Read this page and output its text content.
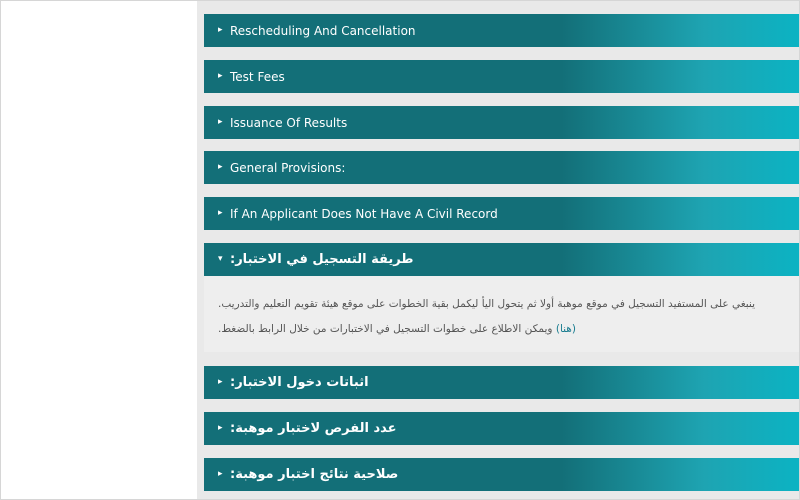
▸ Rescheduling And Cancellation
▸ Test Fees
▸ Issuance Of Results
▸ General Provisions:
▸ If An Applicant Does Not Have A Civil Record
▾ طريقة التسجيل في الاختبار:
ينبغي على المستفيد التسجيل في موقع موهبة أولا ثم يتحول اليأ ليكمل بقية الخطوات على موقع هيئة تقويم التعليم والتدريب.
(هنا) ويمكن الاطلاع على خطوات التسجيل في الاختبارات من خلال الرابط بالضغط.
▸ اثباتات دخول الاختبار:
▸ عدد الفرص لاختبار موهبة:
▸ صلاحية نتائج اختبار موهبة:
